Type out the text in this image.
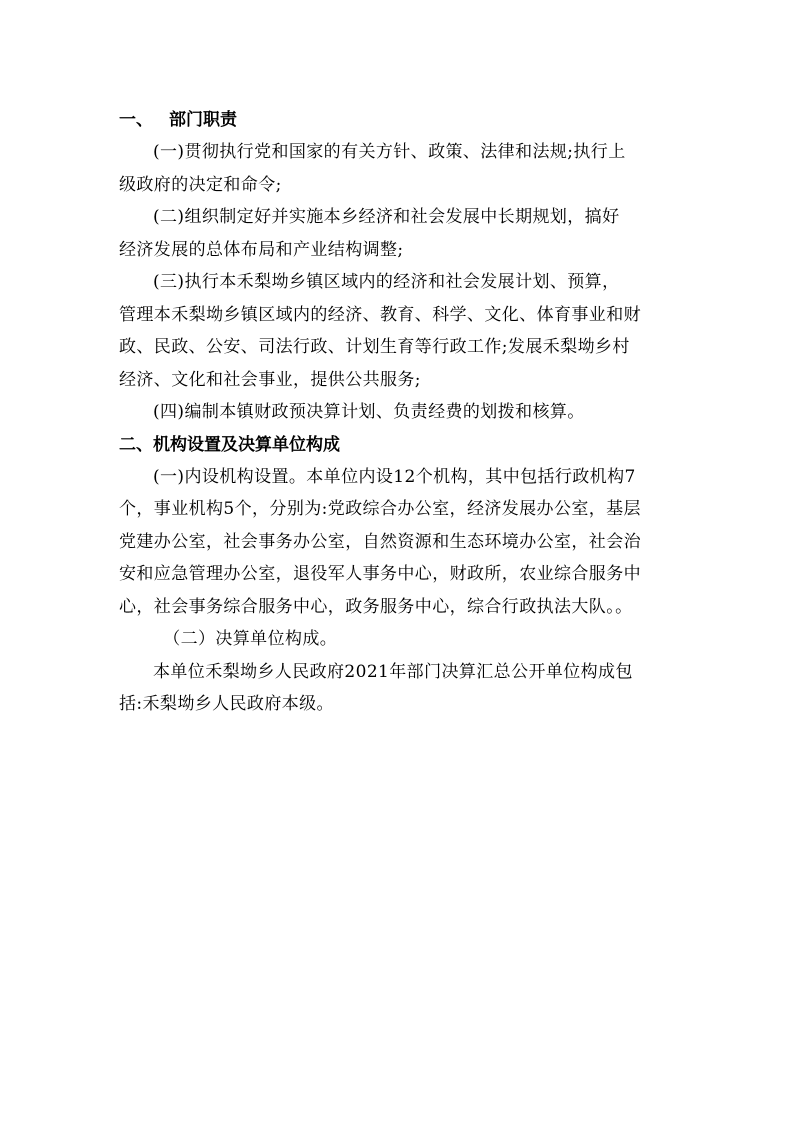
一、 部门职责

(一)贯彻执行党和国家的有关方针、政策、法律和法规;执行上
级政府的决定和命令;

(二)组织制定好并实施本乡经济和社会发展中长期规划，搞好
经济发展的总体布局和产业结构调整;

(三)执行本禾梨坳乡镇区域内的经济和社会发展计划、预算，
管理本禾梨坳乡镇区域内的经济、教育、科学、文化、体育事业和财
政、民政、公安、司法行政、计划生育等行政工作;发展禾梨坳乡村
经济、文化和社会事业，提供公共服务;

(四)编制本镇财政预决算计划、负责经费的划拨和核算。

二、机构设置及决算单位构成

(一)内设机构设置。本单位内设12个机构，其中包括行政机构7
个，事业机构5个，分别为:党政综合办公室，经济发展办公室，基层
党建办公室，社会事务办公室，自然资源和生态环境办公室，社会治
安和应急管理办公室，退役军人事务中心，财政所，农业综合服务中
心，社会事务综合服务中心，政务服务中心，综合行政执法大队。。

（二）决算单位构成。

本单位禾梨坳乡人民政府2021年部门决算汇总公开单位构成包
括:禾梨坳乡人民政府本级。
